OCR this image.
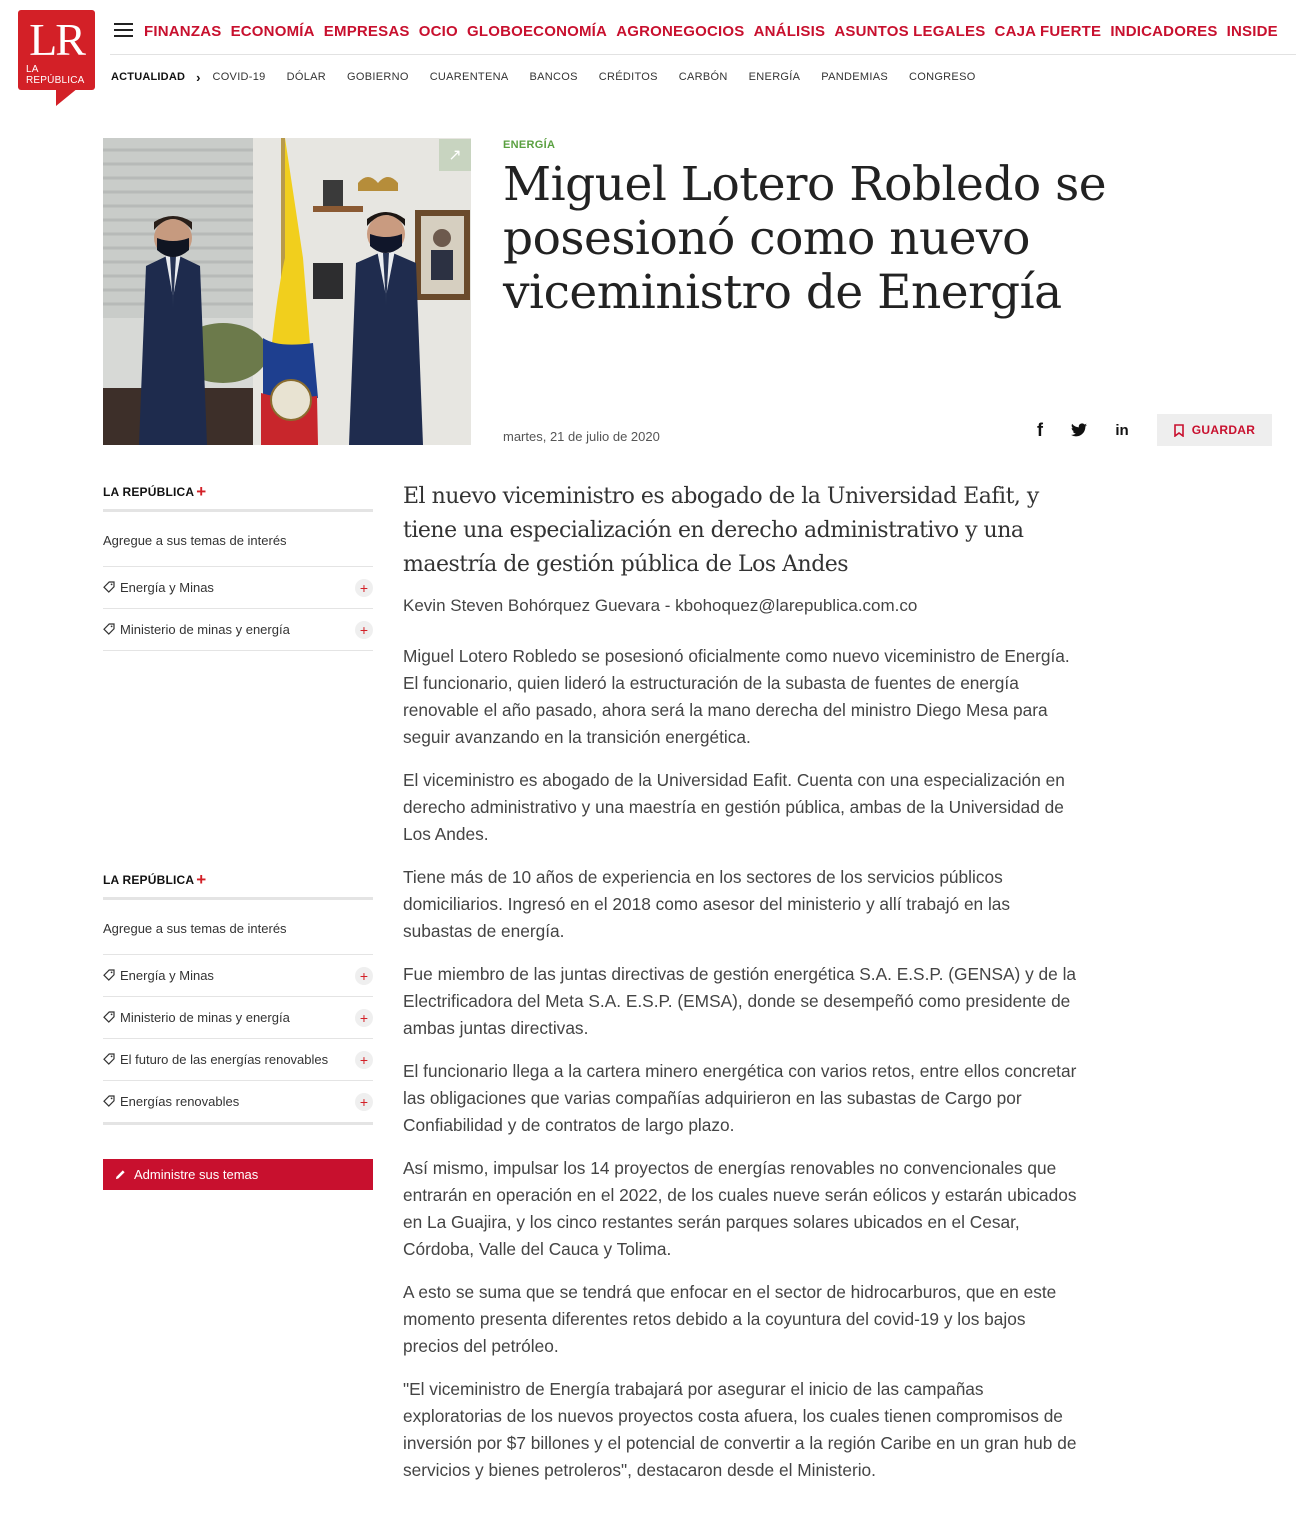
LR
LA REPÚBLICA
FINANZAS ECONOMÍA EMPRESAS OCIO GLOBOECONOMÍA AGRONEGOCIOS ANÁLISIS ASUNTOS LEGALES CAJA FUERTE INDICADORES INSIDE
ACTUALIDAD › COVID-19 DÓLAR GOBIERNO CUARENTENA BANCOS CRÉDITOS CARBÓN ENERGÍA PANDEMIAS CONGRESO
↗
ENERGÍA
Miguel Lotero Robledo se posesionó como nuevo viceministro de Energía
martes, 21 de julio de 2020	f	in	GUARDAR
LA REPÚBLICA +
Agregue a sus temas de interés
Energía y Minas	+
Ministerio de minas y energía	+
LA REPÚBLICA +
Agregue a sus temas de interés
Energía y Minas	+
Ministerio de minas y energía	+
El futuro de las energías renovables	+
Energías renovables	+
Administre sus temas
El nuevo viceministro es abogado de la Universidad Eafit, y tiene una especialización en derecho administrativo y una maestría de gestión pública de Los Andes
Kevin Steven Bohórquez Guevara - kbohoquez@larepublica.com.co

Miguel Lotero Robledo se posesionó oficialmente como nuevo viceministro de Energía. El funcionario, quien lideró la estructuración de la subasta de fuentes de energía renovable el año pasado, ahora será la mano derecha del ministro Diego Mesa para seguir avanzando en la transición energética.

El viceministro es abogado de la Universidad Eafit. Cuenta con una especialización en derecho administrativo y una maestría en gestión pública, ambas de la Universidad de Los Andes.

Tiene más de 10 años de experiencia en los sectores de los servicios públicos domiciliarios. Ingresó en el 2018 como asesor del ministerio y allí trabajó en las subastas de energía.

Fue miembro de las juntas directivas de gestión energética S.A. E.S.P. (GENSA) y de la Electrificadora del Meta S.A. E.S.P. (EMSA), donde se desempeñó como presidente de ambas juntas directivas.

El funcionario llega a la cartera minero energética con varios retos, entre ellos concretar las obligaciones que varias compañías adquirieron en las subastas de Cargo por Confiabilidad y de contratos de largo plazo.

Así mismo, impulsar los 14 proyectos de energías renovables no convencionales que entrarán en operación en el 2022, de los cuales nueve serán eólicos y estarán ubicados en La Guajira, y los cinco restantes serán parques solares ubicados en el Cesar, Córdoba, Valle del Cauca y Tolima.

A esto se suma que se tendrá que enfocar en el sector de hidrocarburos, que en este momento presenta diferentes retos debido a la coyuntura del covid-19 y los bajos precios del petróleo.

"El viceministro de Energía trabajará por asegurar el inicio de las campañas exploratorias de los nuevos proyectos costa afuera, los cuales tienen compromisos de inversión por $7 billones y el potencial de convertir a la región Caribe en un gran hub de servicios y bienes petroleros", destacaron desde el Ministerio.
